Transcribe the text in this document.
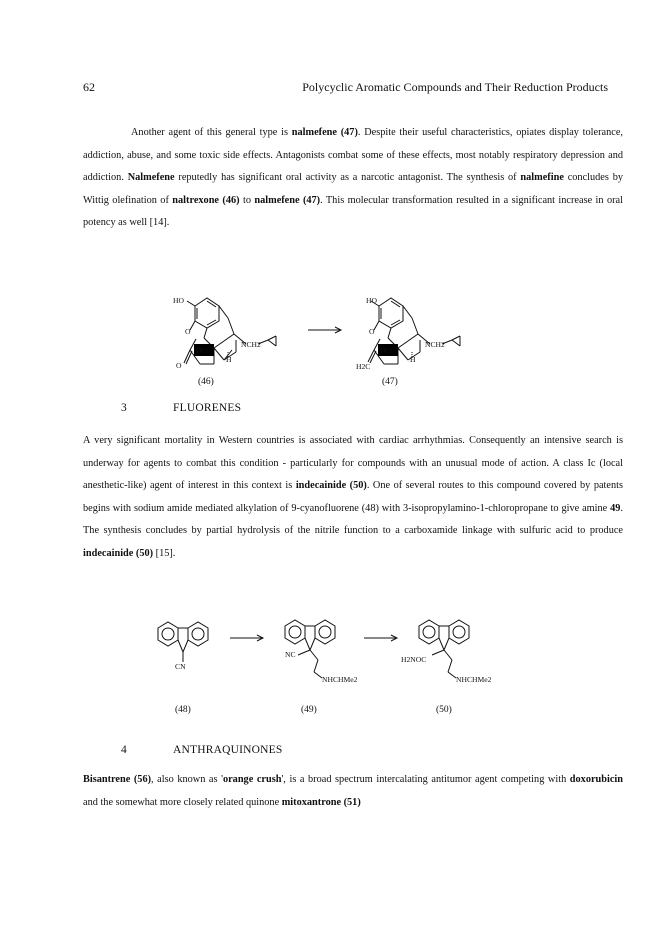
62	Polycyclic Aromatic Compounds and Their Reduction Products

Another agent of this general type is nalmefene (47). Despite their useful characteristics, opiates display tolerance, addiction, abuse, and some toxic side effects. Antagonists combat some of these effects, most notably respiratory depression and addiction. Nalmefene reputedly has significant oral activity as a narcotic antagonist. The synthesis of nalmefine concludes by Wittig olefination of naltrexone (46) to nalmefene (47). This molecular transformation resulted in a significant increase in oral potency as well [14].

HO
O
O
HO
H
NCH2
HO
O
HO
H
NCH2
H2C
(46)	(47)
3	FLUORENES

A very significant mortality in Western countries is associated with cardiac arrhythmias. Consequently an intensive search is underway for agents to combat this condition - particularly for compounds with an unusual mode of action. A class Ic (local anesthetic-like) agent of interest in this context is indecainide (50). One of several routes to this compound covered by patents begins with sodium amide mediated alkylation of 9-cyanofluorene (48) with 3-isopropylamino-1-chloropropane to give amine 49. The synthesis concludes by partial hydrolysis of the nitrile function to a carboxamide linkage with sulfuric acid to produce indecainide (50) [15].

CN
NC
NHCHMe2
H2NOC
NHCHMe2
(48)	(49)	(50)
4	ANTHRAQUINONES

Bisantrene (56), also known as 'orange crush', is a broad spectrum intercalating antitumor agent competing with doxorubicin and the somewhat more closely related quinone mitoxantrone (51)
